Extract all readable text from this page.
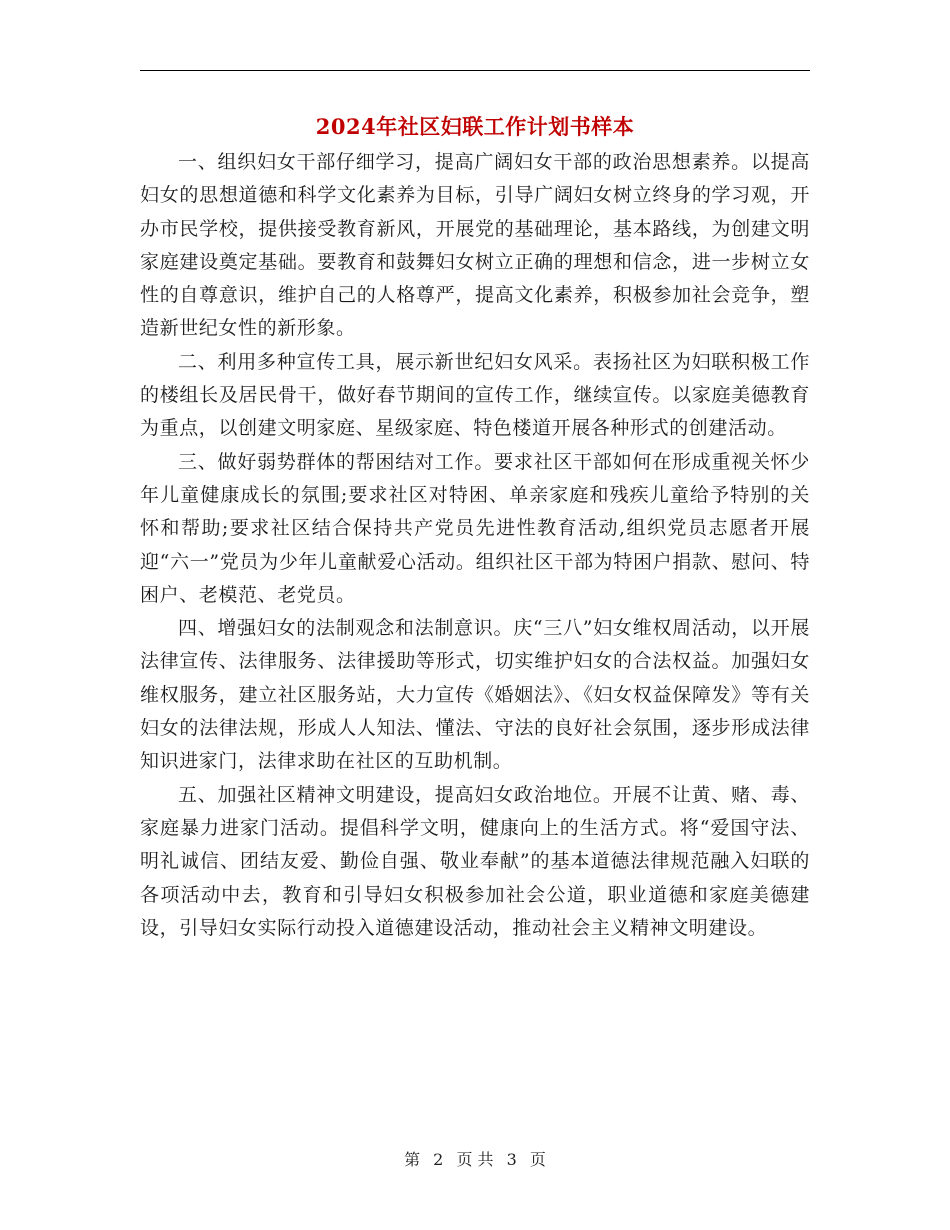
2024年社区妇联工作计划书样本

一、组织妇女干部仔细学习，提高广阔妇女干部的政治思想素养。以提高妇女的思想道德和科学文化素养为目标，引导广阔妇女树立终身的学习观，开办市民学校，提供接受教育新风，开展党的基础理论，基本路线，为创建文明家庭建设奠定基础。要教育和鼓舞妇女树立正确的理想和信念，进一步树立女性的自尊意识，维护自己的人格尊严，提高文化素养，积极参加社会竞争，塑造新世纪女性的新形象。

二、利用多种宣传工具，展示新世纪妇女风采。表扬社区为妇联积极工作的楼组长及居民骨干，做好春节期间的宣传工作，继续宣传。以家庭美德教育为重点，以创建文明家庭、星级家庭、特色楼道开展各种形式的创建活动。

三、做好弱势群体的帮困结对工作。要求社区干部如何在形成重视关怀少年儿童健康成长的氛围;要求社区对特困、单亲家庭和残疾儿童给予特别的关怀和帮助;要求社区结合保持共产党员先进性教育活动,组织党员志愿者开展迎“六一”党员为少年儿童献爱心活动。组织社区干部为特困户捐款、慰问、特困户、老模范、老党员。

四、增强妇女的法制观念和法制意识。庆“三八”妇女维权周活动，以开展法律宣传、法律服务、法律援助等形式，切实维护妇女的合法权益。加强妇女维权服务，建立社区服务站，大力宣传《婚姻法》、《妇女权益保障发》等有关妇女的法律法规，形成人人知法、懂法、守法的良好社会氛围，逐步形成法律知识进家门，法律求助在社区的互助机制。

五、加强社区精神文明建设，提高妇女政治地位。开展不让黄、赌、毒、家庭暴力进家门活动。提倡科学文明，健康向上的生活方式。将“爱国守法、明礼诚信、团结友爱、勤俭自强、敬业奉献”的基本道德法律规范融入妇联的各项活动中去，教育和引导妇女积极参加社会公道，职业道德和家庭美德建设，引导妇女实际行动投入道德建设活动，推动社会主义精神文明建设。

第 2 页 共 3 页
